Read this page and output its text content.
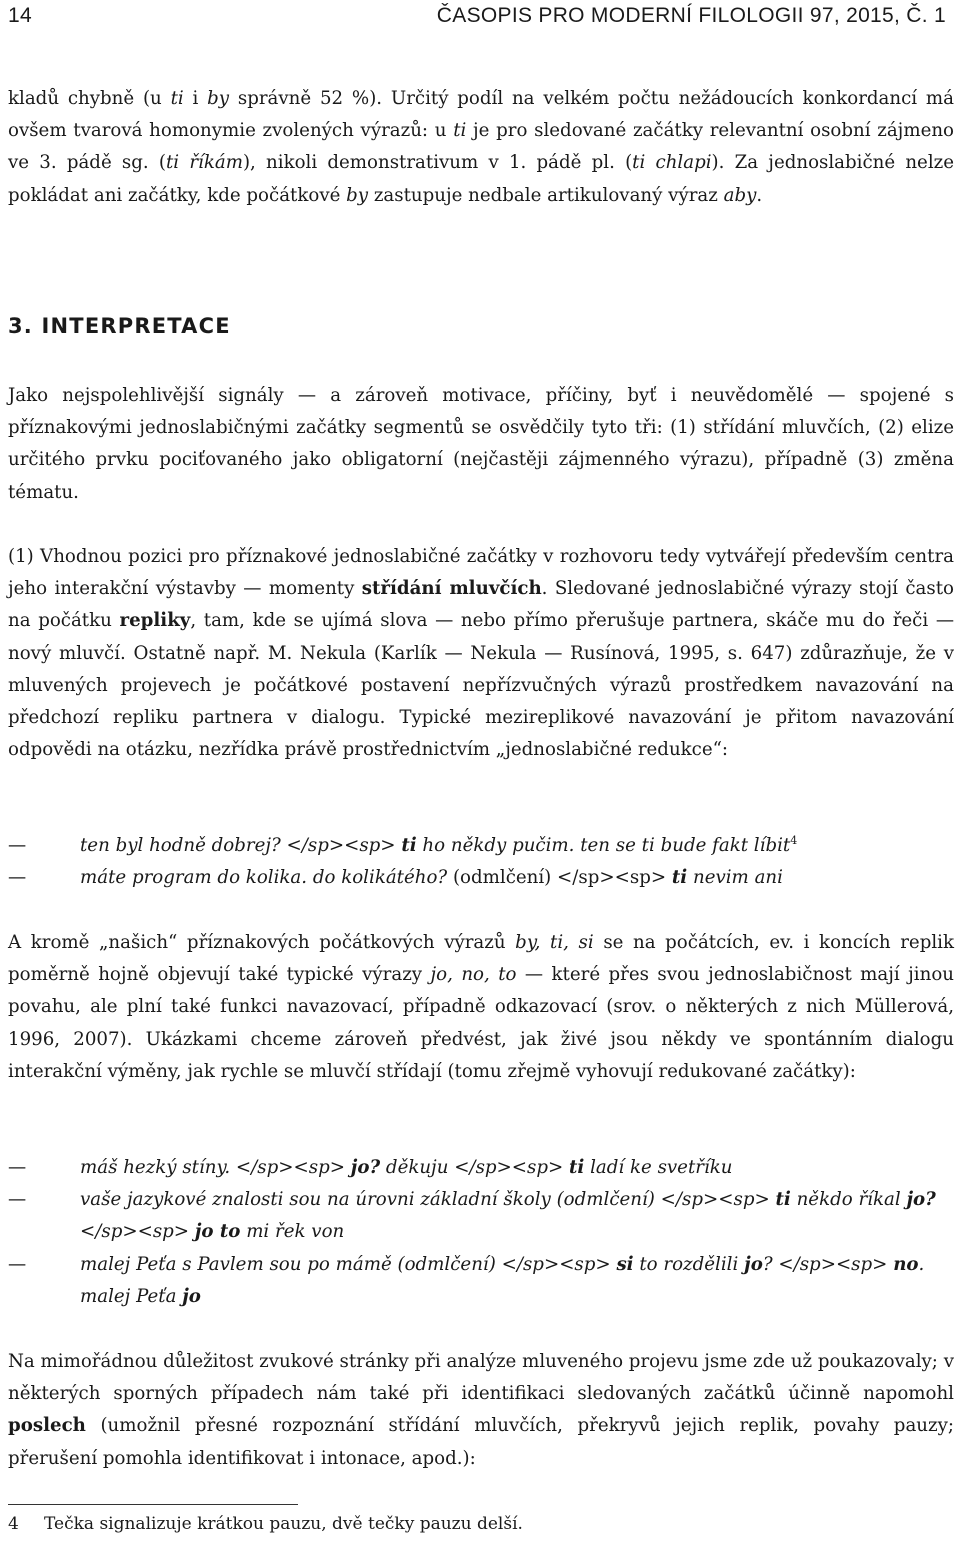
14	ČASOPIS PRO MODERNÍ FILOLOGII 97, 2015, Č. 1

kladů chybně (u ti i by správně 52 %). Určitý podíl na velkém počtu nežádoucích konkordancí má ovšem tvarová homonymie zvolených výrazů: u ti je pro sledované začátky relevantní osobní zájmeno ve 3. pádě sg. (ti říkám), nikoli demonstrativum v 1. pádě pl. (ti chlapi). Za jednoslabičné nelze pokládat ani začátky, kde počátkové by zastupuje nedbale artikulovaný výraz aby.

3. INTERPRETACE

Jako nejspolehlivější signály — a zároveň motivace, příčiny, byť i neuvědomělé — spojené s příznakovými jednoslabičnými začátky segmentů se osvědčily tyto tři: (1) střídání mluvčích, (2) elize určitého prvku pociťovaného jako obligatorní (nejčastěji zájmenného výrazu), případně (3) změna tématu.

(1) Vhodnou pozici pro příznakové jednoslabičné začátky v rozhovoru tedy vytvářejí především centra jeho interakční výstavby — momenty střídání mluvčích. Sledované jednoslabičné výrazy stojí často na počátku repliky, tam, kde se ujímá slova — nebo přímo přerušuje partnera, skáče mu do řeči — nový mluvčí. Ostatně např. M. Nekula (Karlík — Nekula — Rusínová, 1995, s. 647) zdůrazňuje, že v mluvených projevech je počátkové postavení nepřízvučných výrazů prostředkem navazování na předchozí repliku partnera v dialogu. Typické mezireplikové navazování je přitom navazování odpovědi na otázku, nezřídka právě prostřednictvím „jednoslabičné redukce“:

—	ten byl hodně dobrej? </sp><sp> ti ho někdy pučim. ten se ti bude fakt líbit$^4$
—	máte program do kolika. do kolikátého? (odmlčení) </sp><sp> ti nevim ani

A kromě „našich“ příznakových počátkových výrazů by, ti, si se na počátcích, ev. i koncích replik poměrně hojně objevují také typické výrazy jo, no, to — které přes svou jednoslabičnost mají jinou povahu, ale plní také funkci navazovací, případně odkazovací (srov. o některých z nich Müllerová, 1996, 2007). Ukázkami chceme zároveň předvést, jak živé jsou někdy ve spontánním dialogu interakční výměny, jak rychle se mluvčí střídají (tomu zřejmě vyhovují redukované začátky):

—	máš hezký stíny. </sp><sp> jo? děkuju </sp><sp> ti ladí ke svetříku
—	vaše jazykové znalosti sou na úrovni základní školy (odmlčení) </sp><sp> ti někdo říkal jo? </sp><sp> jo to mi řek von
—	malej Peťa s Pavlem sou po mámě (odmlčení) </sp><sp> si to rozdělili jo? </sp><sp> no. malej Peťa jo

Na mimořádnou důležitost zvukové stránky při analýze mluveného projevu jsme zde už poukazovaly; v některých sporných případech nám také při identifikaci sledovaných začátků účinně napomohl poslech (umožnil přesné rozpoznání střídání mluvčích, překryvů jejich replik, povahy pauzy; přerušení pomohla identifikovat i intonace, apod.):

4 Tečka signalizuje krátkou pauzu, dvě tečky pauzu delší.
